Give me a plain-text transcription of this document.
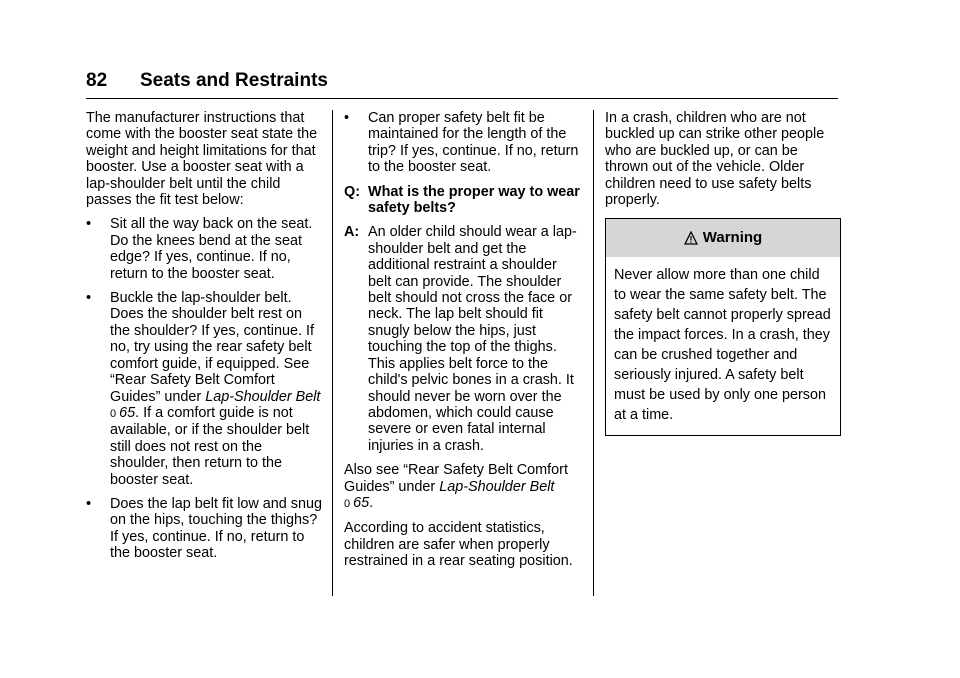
82	Seats and Restraints

The manufacturer instructions that come with the booster seat state the weight and height limitations for that booster. Use a booster seat with a lap-shoulder belt until the child passes the fit test below:

•	Sit all the way back on the seat. Do the knees bend at the seat edge? If yes, continue. If no, return to the booster seat.
•	Buckle the lap-shoulder belt. Does the shoulder belt rest on the shoulder? If yes, continue. If no, try using the rear safety belt comfort guide, if equipped. See “Rear Safety Belt Comfort Guides” under Lap-Shoulder Belt
0 65. If a comfort guide is not available, or if the shoulder belt still does not rest on the shoulder, then return to the booster seat.
•	Does the lap belt fit low and snug on the hips, touching the thighs? If yes, continue. If no, return to the booster seat.
•	Can proper safety belt fit be maintained for the length of the trip? If yes, continue. If no, return to the booster seat.
Q: What is the proper way to wear safety belts?
A: An older child should wear a lap-shoulder belt and get the additional restraint a shoulder belt can provide. The shoulder belt should not cross the face or neck. The lap belt should fit snugly below the hips, just touching the top of the thighs. This applies belt force to the child's pelvic bones in a crash. It should never be worn over the abdomen, which could cause severe or even fatal internal injuries in a crash.

Also see “Rear Safety Belt Comfort Guides” under Lap-Shoulder Belt
0 65.

According to accident statistics, children are safer when properly restrained in a rear seating position.

In a crash, children who are not buckled up can strike other people who are buckled up, or can be thrown out of the vehicle. Older children need to use safety belts properly.

Warning
Never allow more than one child to wear the same safety belt. The safety belt cannot properly spread the impact forces. In a crash, they can be crushed together and seriously injured. A safety belt must be used by only one person at a time.
